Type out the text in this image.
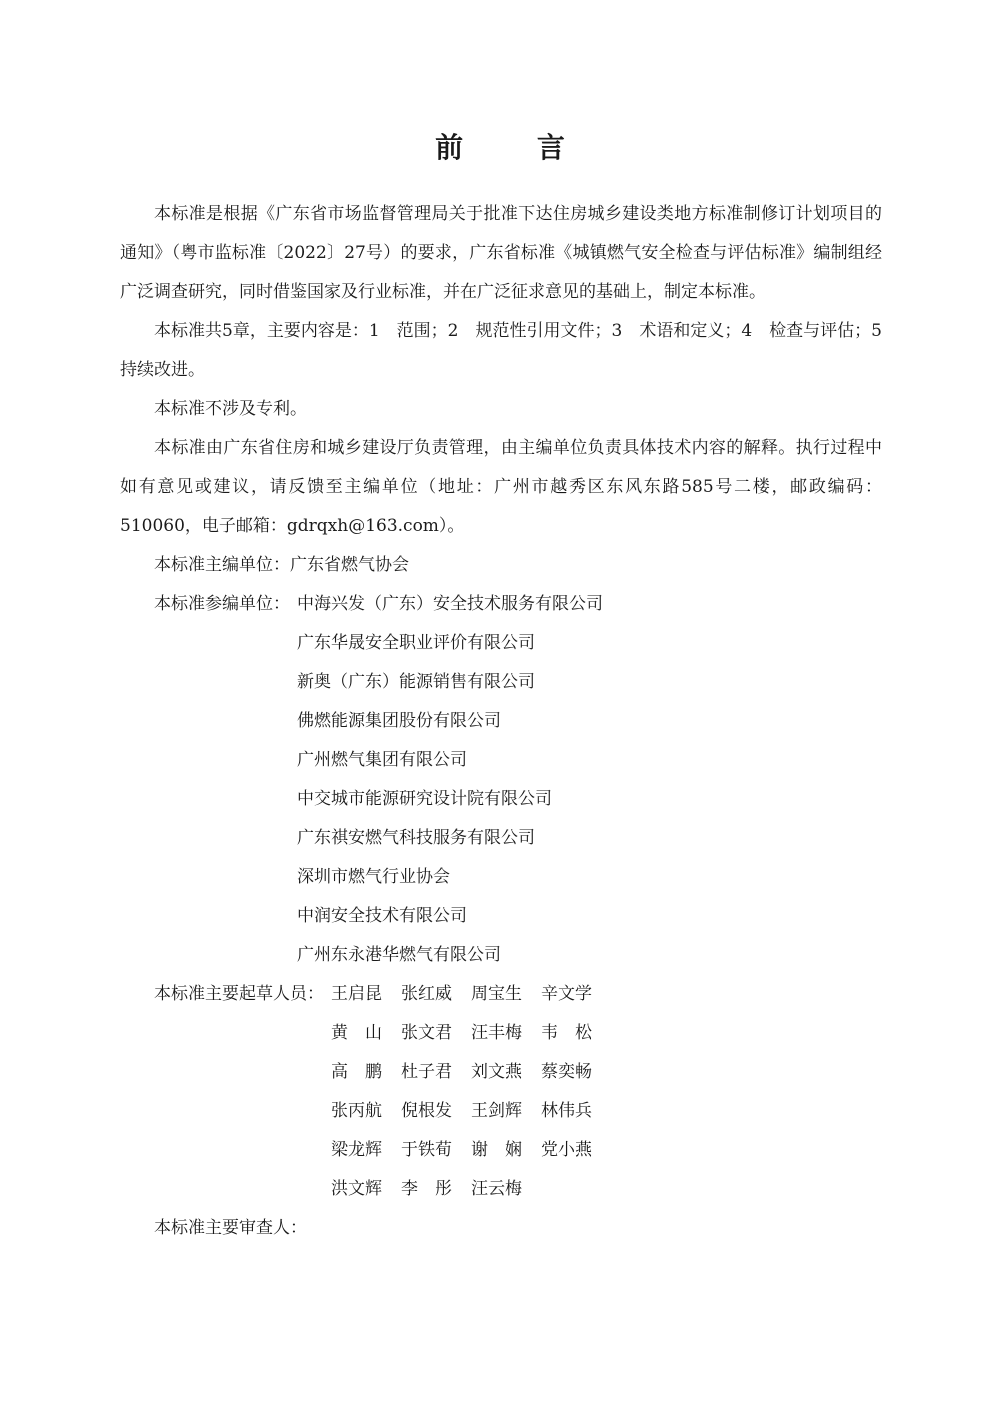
前 言

本标准是根据《广东省市场监督管理局关于批准下达住房城乡建设类地方标准制修订计划项目的通知》（粤市监标准〔2022〕27号）的要求，广东省标准《城镇燃气安全检查与评估标准》编制组经广泛调查研究，同时借鉴国家及行业标准，并在广泛征求意见的基础上，制定本标准。

本标准共5章，主要内容是：1　范围；2　规范性引用文件；3　术语和定义；4　检查与评估；5　持续改进。

本标准不涉及专利。

本标准由广东省住房和城乡建设厅负责管理，由主编单位负责具体技术内容的解释。执行过程中如有意见或建议，请反馈至主编单位（地址：广州市越秀区东风东路585号二楼，邮政编码：510060，电子邮箱：gdrqxh@163.com）。

本标准主编单位：广东省燃气协会

本标准参编单位： 中海兴发（广东）安全技术服务有限公司

广东华晟安全职业评价有限公司

新奥（广东）能源销售有限公司

佛燃能源集团股份有限公司

广州燃气集团有限公司

中交城市能源研究设计院有限公司

广东祺安燃气科技服务有限公司

深圳市燃气行业协会

中润安全技术有限公司

广州东永港华燃气有限公司

本标准主要起草人员： 王启昆 张红威 周宝生 辛文学
黄　山 张文君 汪丰梅 韦　松
高　鹏 杜子君 刘文燕 蔡奕畅
张丙航 倪根发 王剑辉 林伟兵
梁龙辉 于铁荀 谢　娴 党小燕
洪文辉 李　彤 汪云梅

本标准主要审查人：
